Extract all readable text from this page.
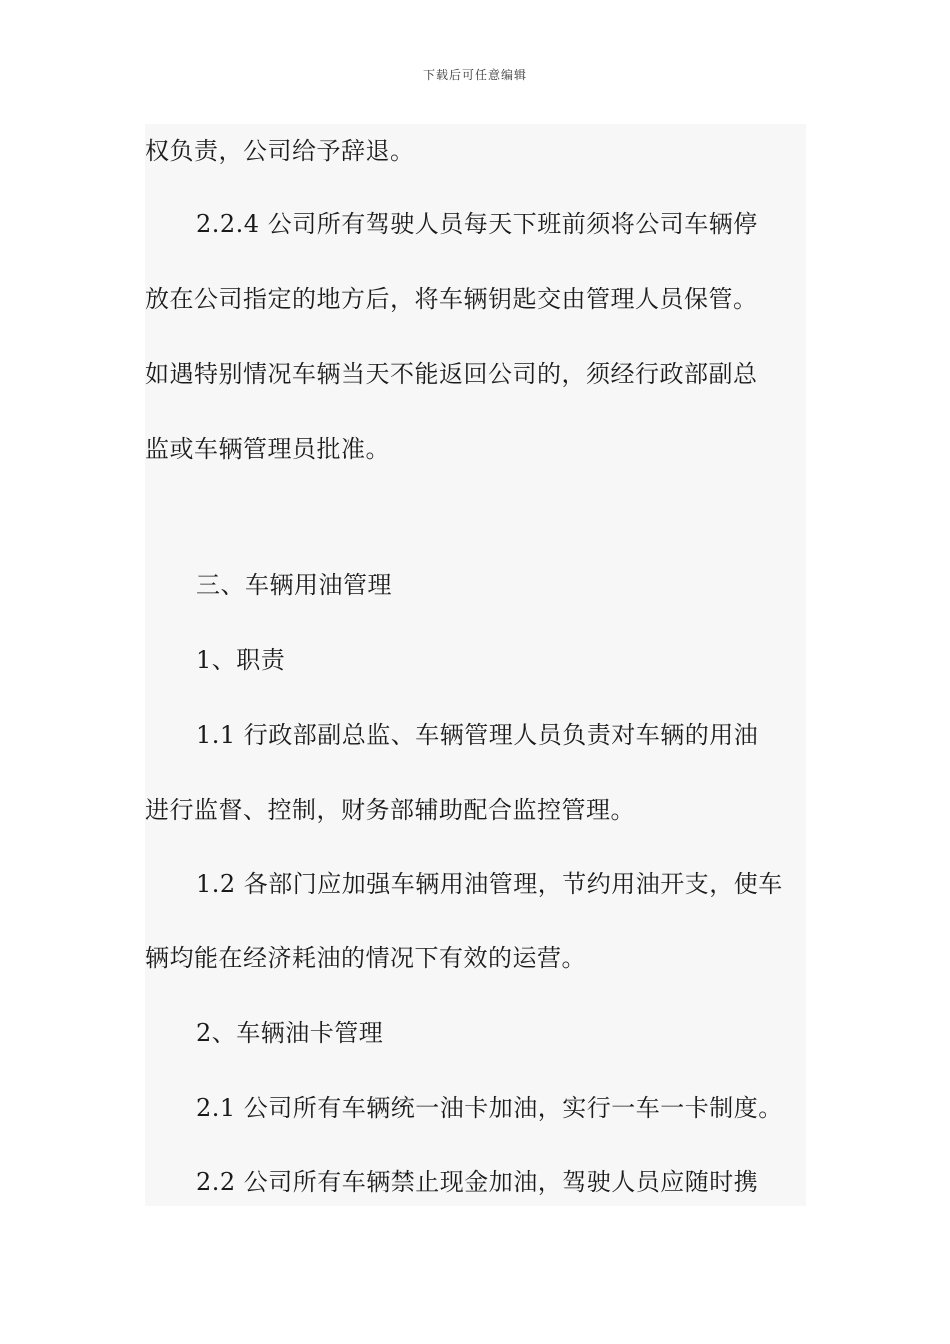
下载后可任意编辑
权负责，公司给予辞退。
2.2.4 公司所有驾驶人员每天下班前须将公司车辆停
放在公司指定的地方后，将车辆钥匙交由管理人员保管。
如遇特别情况车辆当天不能返回公司的，须经行政部副总
监或车辆管理员批准。
三、车辆用油管理
1、职责
1.1 行政部副总监、车辆管理人员负责对车辆的用油
进行监督、控制，财务部辅助配合监控管理。
1.2 各部门应加强车辆用油管理，节约用油开支，使车
辆均能在经济耗油的情况下有效的运营。
2、车辆油卡管理
2.1 公司所有车辆统一油卡加油，实行一车一卡制度。
2.2 公司所有车辆禁止现金加油，驾驶人员应随时携
